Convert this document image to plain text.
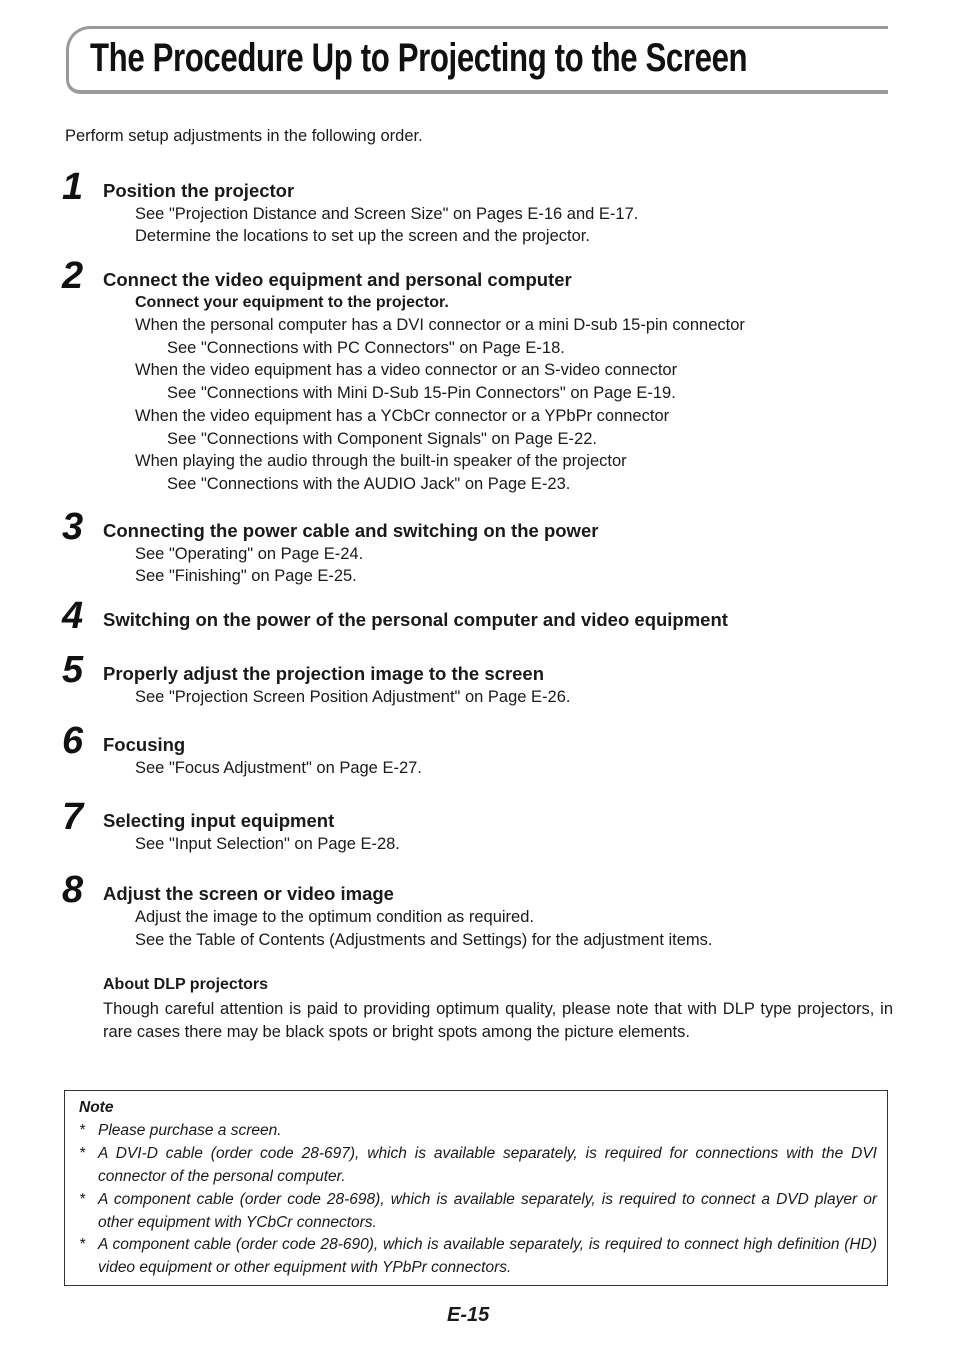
The Procedure Up to Projecting to the Screen
Perform setup adjustments in the following order.
1	Position the projector
See "Projection Distance and Screen Size" on Pages E-16 and E-17.
Determine the locations to set up the screen and the projector.
2	Connect the video equipment and personal computer
Connect your equipment to the projector.
When the personal computer has a DVI connector or a mini D-sub 15-pin connector
See "Connections with PC Connectors" on Page E-18.
When the video equipment has a video connector or an S-video connector
See "Connections with Mini D-Sub 15-Pin Connectors" on Page E-19.
When the video equipment has a YCbCr connector or a YPbPr connector
See "Connections with Component Signals" on Page E-22.
When playing the audio through the built-in speaker of the projector
See "Connections with the AUDIO Jack" on Page E-23.
3	Connecting the power cable and switching on the power
See "Operating" on Page E-24.
See "Finishing" on Page E-25.
4	Switching on the power of the personal computer and video equipment
5	Properly adjust the projection image to the screen
See "Projection Screen Position Adjustment" on Page E-26.
6	Focusing
See "Focus Adjustment" on Page E-27.
7	Selecting input equipment
See "Input Selection" on Page E-28.
8	Adjust the screen or video image
Adjust the image to the optimum condition as required.
See the Table of Contents (Adjustments and Settings) for the adjustment items.
About DLP projectors
Though careful attention is paid to providing optimum quality, please note that with DLP type projectors, in rare cases there may be black spots or bright spots among the picture elements.
Note
* Please purchase a screen.
* A DVI-D cable (order code 28-697), which is available separately, is required for connections with the DVI connector of the personal computer.
* A component cable (order code 28-698), which is available separately, is required to connect a DVD player or other equipment with YCbCr connectors.
* A component cable (order code 28-690), which is available separately, is required to connect high definition (HD) video equipment or other equipment with YPbPr connectors.
E-15
